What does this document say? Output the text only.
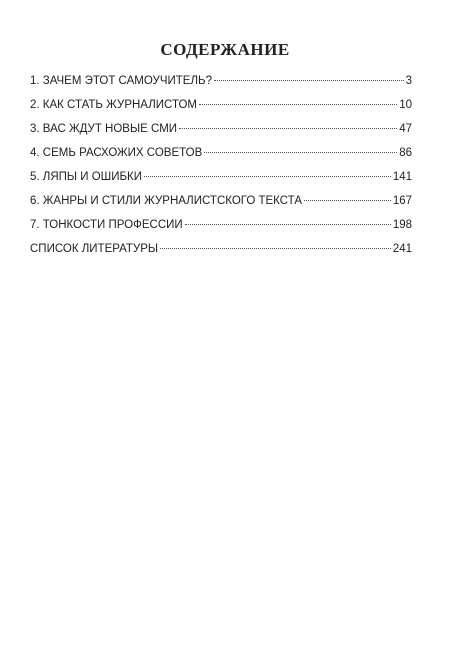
СОДЕРЖАНИЕ
1. ЗАЧЕМ ЭТОТ САМОУЧИТЕЛЬ?	3
2. КАК СТАТЬ ЖУРНАЛИСТОМ	10
3. ВАС ЖДУТ НОВЫЕ СМИ	47
4. СЕМЬ РАСХОЖИХ СОВЕТОВ	86
5. ЛЯПЫ И ОШИБКИ	141
6. ЖАНРЫ И СТИЛИ ЖУРНАЛИСТСКОГО ТЕКСТА	167
7. ТОНКОСТИ ПРОФЕССИИ	198
СПИСОК ЛИТЕРАТУРЫ	241
